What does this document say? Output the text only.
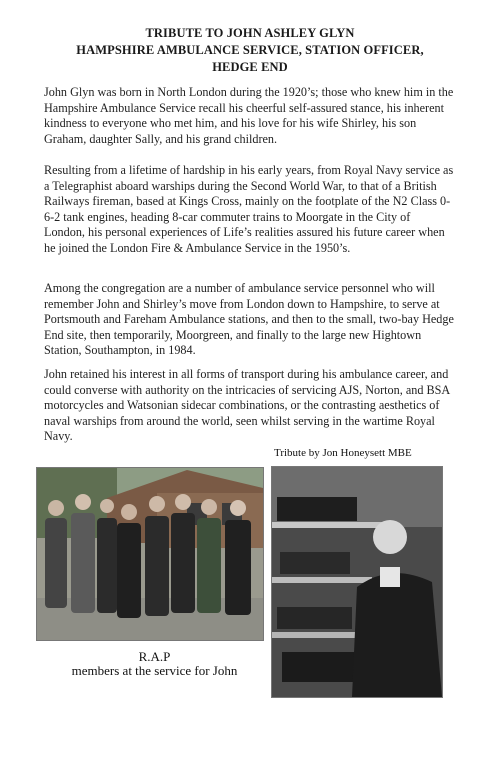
TRIBUTE TO JOHN ASHLEY GLYN
HAMPSHIRE AMBULANCE SERVICE, STATION OFFICER,
HEDGE END

John Glyn was born in North London during the 1920’s; those who knew him in the Hampshire Ambulance Service recall his cheerful self-assured stance, his inherent kindness to everyone who met him, and his love for his wife Shirley, his son Graham, daughter Sally, and his grand children.

Resulting from a lifetime of hardship in his early years, from Royal Navy service as a Telegraphist aboard warships during the Second World War, to that of a British Railways fireman, based at Kings Cross, mainly on the footplate of the N2 Class 0-6-2 tank engines, heading 8-car commuter trains to Moorgate in the City of London, his personal experiences of Life’s realities assured his future career when he joined the London Fire & Ambulance Service in the 1950’s.

Among the congregation are a number of ambulance service personnel who will remember John and Shirley’s move from London down to Hampshire, to serve at Portsmouth and Fareham Ambulance stations, and then to the small, two-bay Hedge End site, then temporarily, Moorgreen, and finally to the large new Hightown Station, Southampton, in 1984.

John retained his interest in all forms of transport during his ambulance career, and could converse with authority on the intricacies of servicing AJS, Norton, and BSA motorcycles and Watsonian sidecar combinations, or the contrasting aesthetics of naval warships from around the world, seen whilst serving in the wartime Royal Navy.

Tribute by Jon Honeysett MBE
R.A.P
members at the service for John
